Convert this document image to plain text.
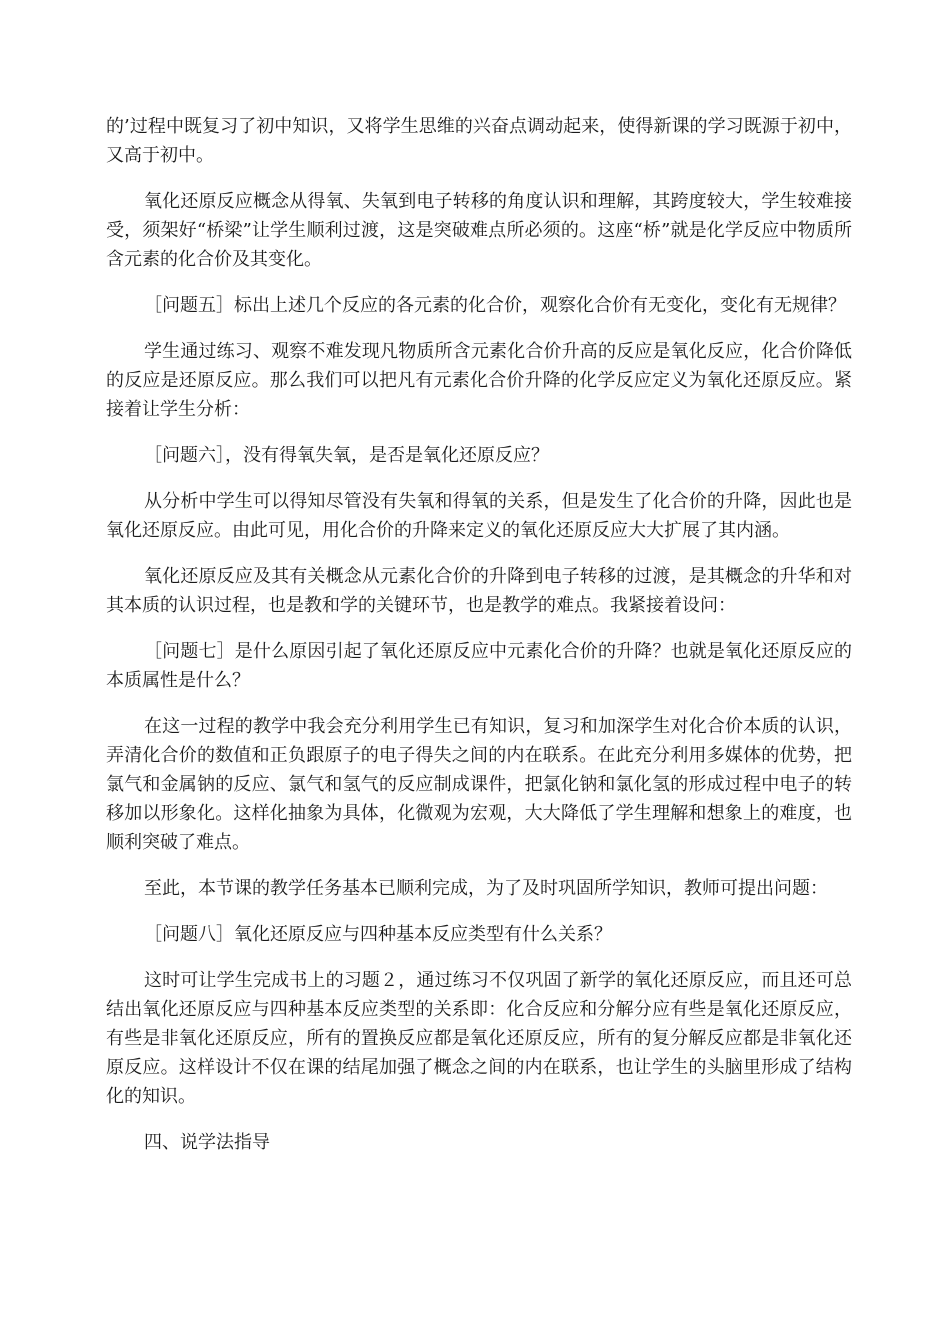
的’过程中既复习了初中知识，又将学生思维的兴奋点调动起来，使得新课的学习既源于初中，又高于初中。

氧化还原反应概念从得氧、失氧到电子转移的角度认识和理解，其跨度较大，学生较难接受，须架好“桥梁”让学生顺利过渡，这是突破难点所必须的。这座“桥”就是化学反应中物质所含元素的化合价及其变化。

［问题五］标出上述几个反应的各元素的化合价，观察化合价有无变化，变化有无规律？

学生通过练习、观察不难发现凡物质所含元素化合价升高的反应是氧化反应，化合价降低的反应是还原反应。那么我们可以把凡有元素化合价升降的化学反应定义为氧化还原反应。紧接着让学生分析：

［问题六］，没有得氧失氧，是否是氧化还原反应？

从分析中学生可以得知尽管没有失氧和得氧的关系，但是发生了化合价的升降，因此也是氧化还原反应。由此可见，用化合价的升降来定义的氧化还原反应大大扩展了其内涵。

氧化还原反应及其有关概念从元素化合价的升降到电子转移的过渡，是其概念的升华和对其本质的认识过程，也是教和学的关键环节，也是教学的难点。我紧接着设问：

［问题七］是什么原因引起了氧化还原反应中元素化合价的升降？也就是氧化还原反应的本质属性是什么？

在这一过程的教学中我会充分利用学生已有知识，复习和加深学生对化合价本质的认识，弄清化合价的数值和正负跟原子的电子得失之间的内在联系。在此充分利用多媒体的优势，把氯气和金属钠的反应、氯气和氢气的反应制成课件，把氯化钠和氯化氢的形成过程中电子的转移加以形象化。这样化抽象为具体，化微观为宏观，大大降低了学生理解和想象上的难度，也顺利突破了难点。

至此，本节课的教学任务基本已顺利完成，为了及时巩固所学知识，教师可提出问题：

［问题八］氧化还原反应与四种基本反应类型有什么关系？

这时可让学生完成书上的习题２，通过练习不仅巩固了新学的氧化还原反应，而且还可总结出氧化还原反应与四种基本反应类型的关系即：化合反应和分解分应有些是氧化还原反应，有些是非氧化还原反应，所有的置换反应都是氧化还原反应，所有的复分解反应都是非氧化还原反应。这样设计不仅在课的结尾加强了概念之间的内在联系，也让学生的头脑里形成了结构化的知识。

四、说学法指导
